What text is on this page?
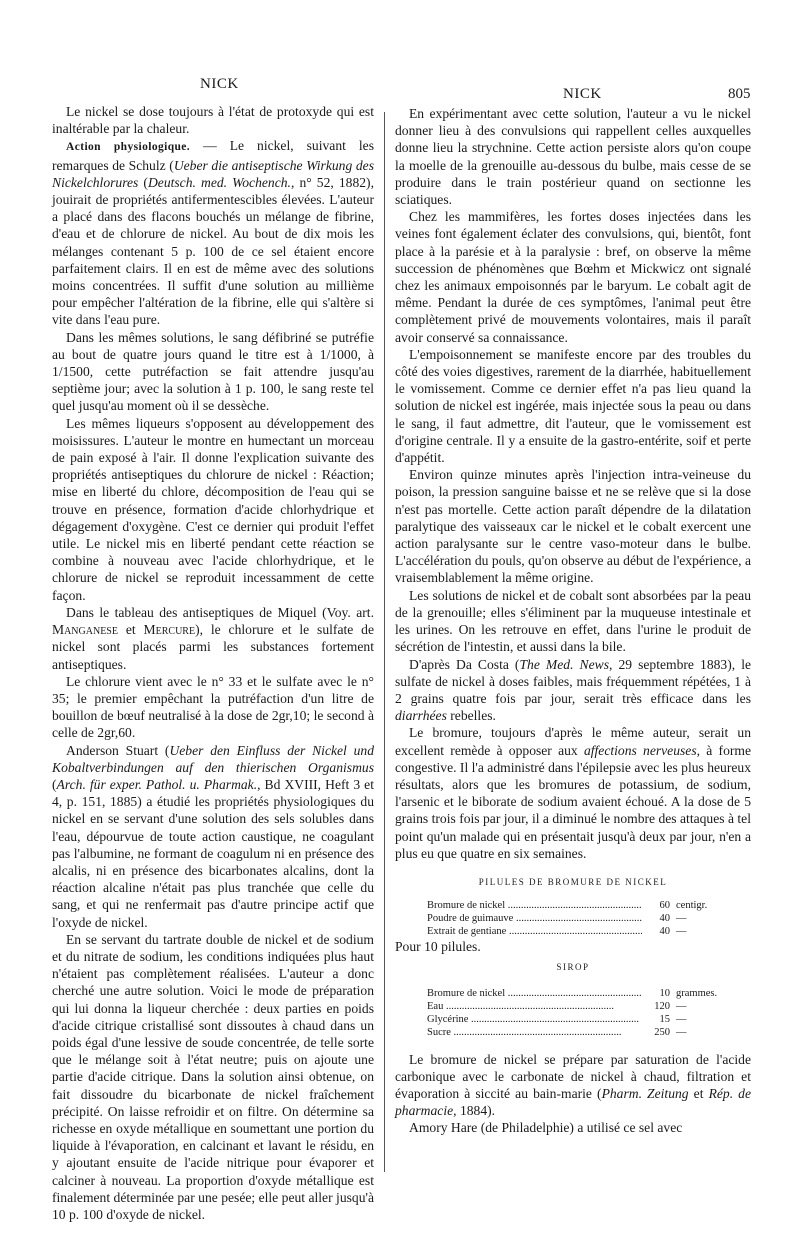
NICK
NICK	805

Le nickel se dose toujours à l'état de protoxyde qui est inaltérable par la chaleur.

Action physiologique. — Le nickel, suivant les remarques de Schulz (Ueber die antiseptische Wirkung des Nickelchlorures (Deutsch. med. Wochench., n° 52, 1882), jouirait de propriétés antifermentescibles élevées. L'auteur a placé dans des flacons bouchés un mélange de fibrine, d'eau et de chlorure de nickel. Au bout de dix mois les mélanges contenant 5 p. 100 de ce sel étaient encore parfaitement clairs. Il en est de même avec des solutions moins concentrées. Il suffit d'une solution au millième pour empêcher l'altération de la fibrine, elle qui s'altère si vite dans l'eau pure.

Dans les mêmes solutions, le sang défibriné se putréfie au bout de quatre jours quand le titre est à 1/1000, à 1/1500, cette putréfaction se fait attendre jusqu'au septième jour; avec la solution à 1 p. 100, le sang reste tel quel jusqu'au moment où il se dessèche.

Les mêmes liqueurs s'opposent au développement des moisissures. L'auteur le montre en humectant un morceau de pain exposé à l'air. Il donne l'explication suivante des propriétés antiseptiques du chlorure de nickel : Réaction; mise en liberté du chlore, décomposition de l'eau qui se trouve en présence, formation d'acide chlorhydrique et dégagement d'oxygène. C'est ce dernier qui produit l'effet utile. Le nickel mis en liberté pendant cette réaction se combine à nouveau avec l'acide chlorhydrique, et le chlorure de nickel se reproduit incessamment de cette façon.

Dans le tableau des antiseptiques de Miquel (Voy. art. Manganese et Mercure), le chlorure et le sulfate de nickel sont placés parmi les substances fortement antiseptiques.

Le chlorure vient avec le n° 33 et le sulfate avec le n° 35; le premier empêchant la putréfaction d'un litre de bouillon de bœuf neutralisé à la dose de 2gr,10; le second à celle de 2gr,60.

Anderson Stuart (Ueber den Einfluss der Nickel und Kobaltverbindungen auf den thierischen Organismus (Arch. für exper. Pathol. u. Pharmak., Bd XVIII, Heft 3 et 4, p. 151, 1885) a étudié les propriétés physiologiques du nickel en se servant d'une solution des sels solubles dans l'eau, dépourvue de toute action caustique, ne coagulant pas l'albumine, ne formant de coagulum ni en présence des alcalis, ni en présence des bicarbonates alcalins, dont la réaction alcaline n'était pas plus tranchée que celle du sang, et qui ne renfermait pas d'autre principe actif que l'oxyde de nickel.

En se servant du tartrate double de nickel et de sodium et du nitrate de sodium, les conditions indiquées plus haut n'étaient pas complètement réalisées. L'auteur a donc cherché une autre solution. Voici le mode de préparation qui lui donna la liqueur cherchée : deux parties en poids d'acide citrique cristallisé sont dissoutes à chaud dans un poids égal d'une lessive de soude concentrée, de telle sorte que le mélange soit à l'état neutre; puis on ajoute une partie d'acide citrique. Dans la solution ainsi obtenue, on fait dissoudre du bicarbonate de nickel fraîchement précipité. On laisse refroidir et on filtre. On détermine sa richesse en oxyde métallique en soumettant une portion du liquide à l'évaporation, en calcinant et lavant le résidu, en y ajoutant ensuite de l'acide nitrique pour évaporer et calciner à nouveau. La proportion d'oxyde métallique est finalement déterminée par une pesée; elle peut aller jusqu'à 10 p. 100 d'oxyde de nickel.

En expérimentant avec cette solution, l'auteur a vu le nickel donner lieu à des convulsions qui rappellent celles auxquelles donne lieu la strychnine. Cette action persiste alors qu'on coupe la moelle de la grenouille au-dessous du bulbe, mais cesse de se produire dans le train postérieur quand on sectionne les sciatiques.

Chez les mammifères, les fortes doses injectées dans les veines font également éclater des convulsions, qui, bientôt, font place à la parésie et à la paralysie : bref, on observe la même succession de phénomènes que Bœhm et Mickwicz ont signalé chez les animaux empoisonnés par le baryum. Le cobalt agit de même. Pendant la durée de ces symptômes, l'animal peut être complètement privé de mouvements volontaires, mais il paraît avoir conservé sa connaissance.

L'empoisonnement se manifeste encore par des troubles du côté des voies digestives, rarement de la diarrhée, habituellement le vomissement. Comme ce dernier effet n'a pas lieu quand la solution de nickel est ingérée, mais injectée sous la peau ou dans le sang, il faut admettre, dit l'auteur, que le vomissement est d'origine centrale. Il y a ensuite de la gastro-entérite, soif et perte d'appétit.

Environ quinze minutes après l'injection intra-veineuse du poison, la pression sanguine baisse et ne se relève que si la dose n'est pas mortelle. Cette action paraît dépendre de la dilatation paralytique des vaisseaux car le nickel et le cobalt exercent une action paralysante sur le centre vaso-moteur dans le bulbe. L'accélération du pouls, qu'on observe au début de l'expérience, a vraisemblablement la même origine.

Les solutions de nickel et de cobalt sont absorbées par la peau de la grenouille; elles s'éliminent par la muqueuse intestinale et les urines. On les retrouve en effet, dans l'urine le produit de sécrétion de l'intestin, et aussi dans la bile.

D'après Da Costa (The Med. News, 29 septembre 1883), le sulfate de nickel à doses faibles, mais fréquemment répétées, 1 à 2 grains quatre fois par jour, serait très efficace dans les diarrhées rebelles.

Le bromure, toujours d'après le même auteur, serait un excellent remède à opposer aux affections nerveuses, à forme congestive. Il l'a administré dans l'épilepsie avec les plus heureux résultats, alors que les bromures de potassium, de sodium, l'arsenic et le biborate de sodium avaient échoué. A la dose de 5 grains trois fois par jour, il a diminué le nombre des attaques à tel point qu'un malade qui en présentait jusqu'à deux par jour, n'en a plus eu que quatre en six semaines.

PILULES DE BROMURE DE NICKEL
Bromure de nickel .....	60 centigr.
Poudre de guimauve .....	40 —
Extrait de gentiane .....	40 —

Pour 10 pilules.

SIROP
Bromure de nickel .....	10 grammes.
Eau .....	120 —
Glycérine .....	15 —
Sucre .....	250 —

Le bromure de nickel se prépare par saturation de l'acide carbonique avec le carbonate de nickel à chaud, filtration et évaporation à siccité au bain-marie (Pharm. Zeitung et Rép. de pharmacie, 1884).

Amory Hare (de Philadelphie) a utilisé ce sel avec
